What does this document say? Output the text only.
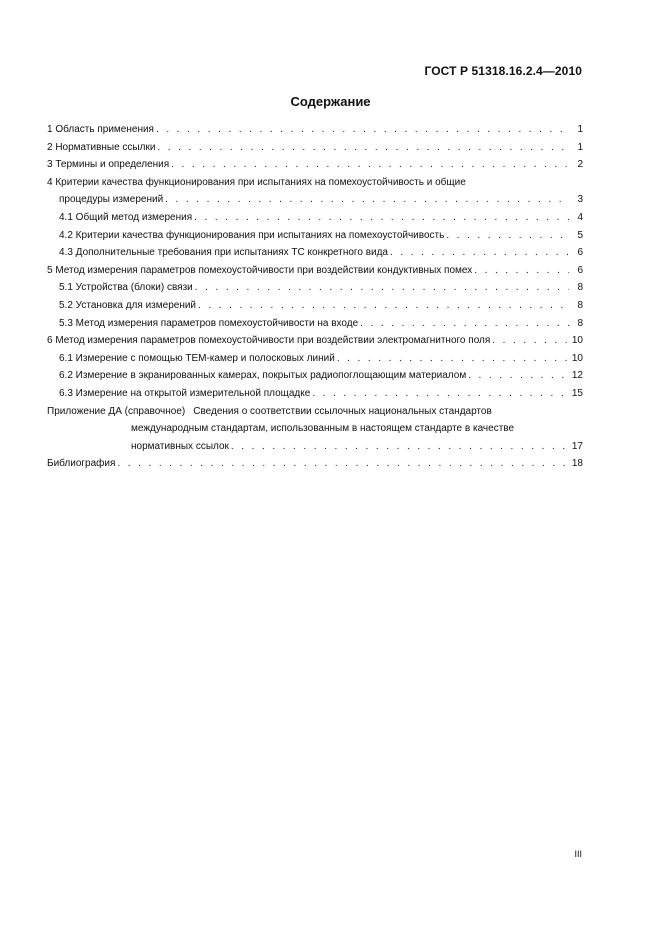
ГОСТ Р 51318.16.2.4—2010
Содержание
1 Область применения . . .	1
2 Нормативные ссылки . . .	1
3 Термины и определения . . .	2
4 Критерии качества функционирования при испытаниях на помехоустойчивость и общие
процедуры измерений . . .	3
4.1 Общий метод измерения . . .	4
4.2 Критерии качества функционирования при испытаниях на помехоустойчивость . . .	5
4.3 Дополнительные требования при испытаниях ТС конкретного вида . . .	6
5 Метод измерения параметров помехоустойчивости при воздействии кондуктивных помех . . .	6
5.1 Устройства (блоки) связи . . .	8
5.2 Установка для измерений . . .	8
5.3 Метод измерения параметров помехоустойчивости на входе . . .	8
6 Метод измерения параметров помехоустойчивости при воздействии электромагнитного поля . . .	10
6.1 Измерение с помощью ТЕМ-камер и полосковых линий . . .	10
6.2 Измерение в экранированных камерах, покрытых радиопоглощающим материалом . . .	12
6.3 Измерение на открытой измерительной площадке . . .	15
Приложение ДА (справочное) Сведения о соответствии ссылочных национальных стандартов
международным стандартам, использованным в настоящем стандарте в качестве
нормативных ссылок . . .	17
Библиография . . .	18
III
